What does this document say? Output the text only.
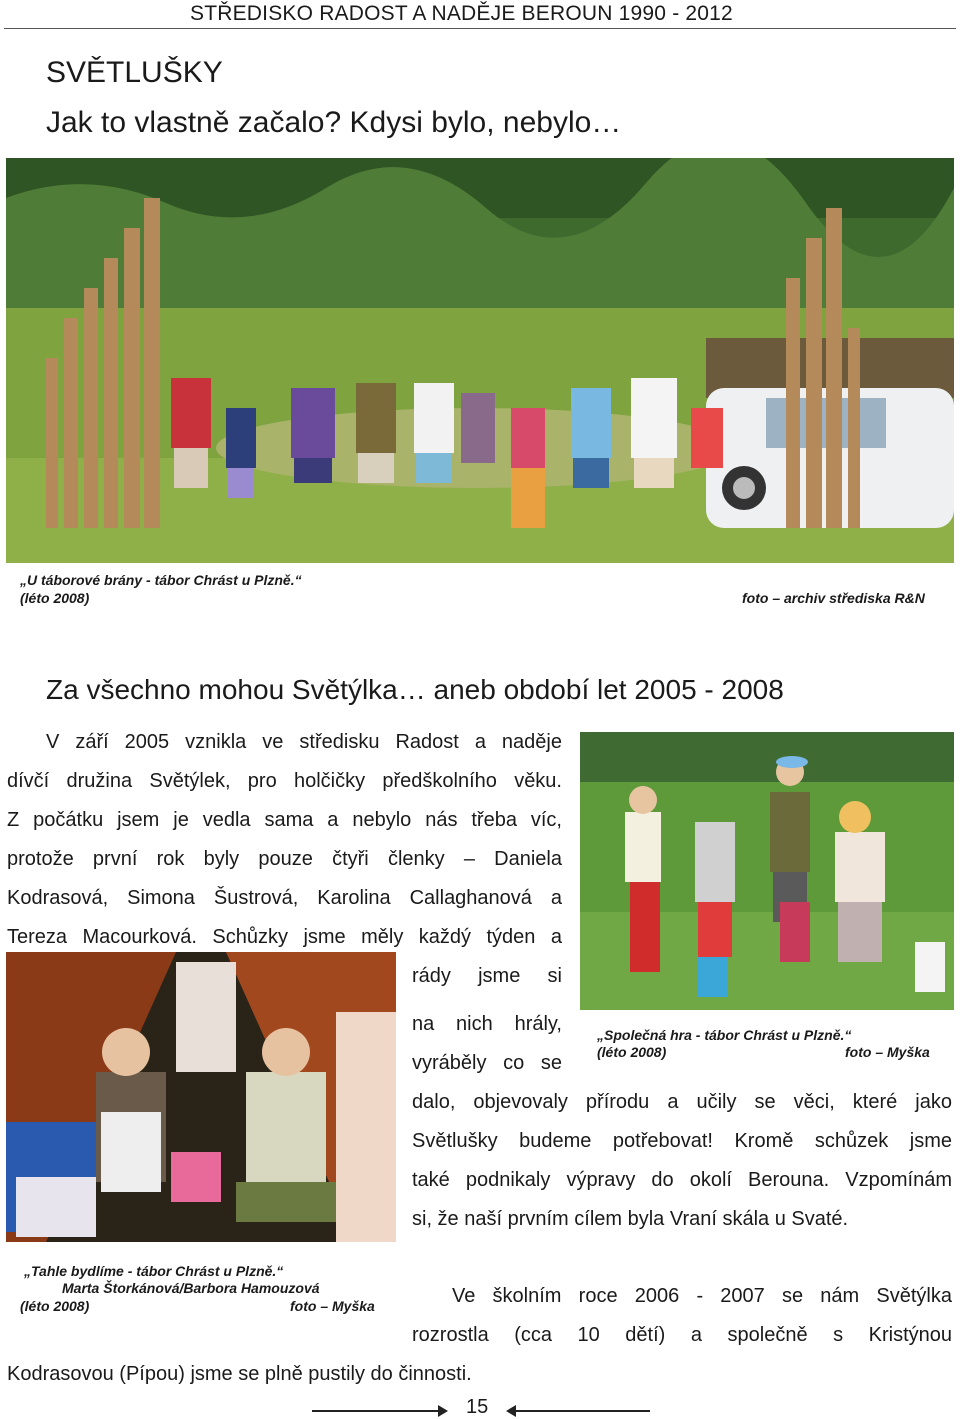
STŘEDISKO RADOST A NADĚJE BEROUN 1990 - 2012
SVĚTLUŠKY
Jak to vlastně začalo? Kdysi bylo, nebylo…
„U táborové brány - tábor Chrást u Plzně.“
(léto 2008)	foto – archiv střediska R&N
Za všechno mohou Světýlka… aneb období let 2005 - 2008
„Společná hra - tábor Chrást u Plzně.“
(léto 2008)	foto – Myška
„Tahle bydlíme - tábor Chrást u Plzně.“
Marta Štorkánová/Barbora Hamouzová
(léto 2008)	foto – Myška
V září 2005 vznikla ve středisku Radost a naděje
dívčí družina Světýlek, pro holčičky předškolního věku.
Z počátku jsem je vedla sama a nebylo nás třeba víc,
protože první rok byly pouze čtyři členky – Daniela
Kodrasová, Simona Šustrová, Karolina Callaghanová a
Tereza Macourková. Schůzky jsme měly každý týden a
rády jsme si
na nich hrály,
vyráběly co se
dalo, objevovaly přírodu a učily se věci, které jako
Světlušky budeme potřebovat! Kromě schůzek jsme
také podnikaly výpravy do okolí Berouna. Vzpomínám
si, že naší prvním cílem byla Vraní skála u Svaté.
Ve školním roce 2006 - 2007 se nám Světýlka
rozrostla (cca 10 dětí) a společně s Kristýnou
Kodrasovou (Pípou) jsme se plně pustily do činnosti.
15
